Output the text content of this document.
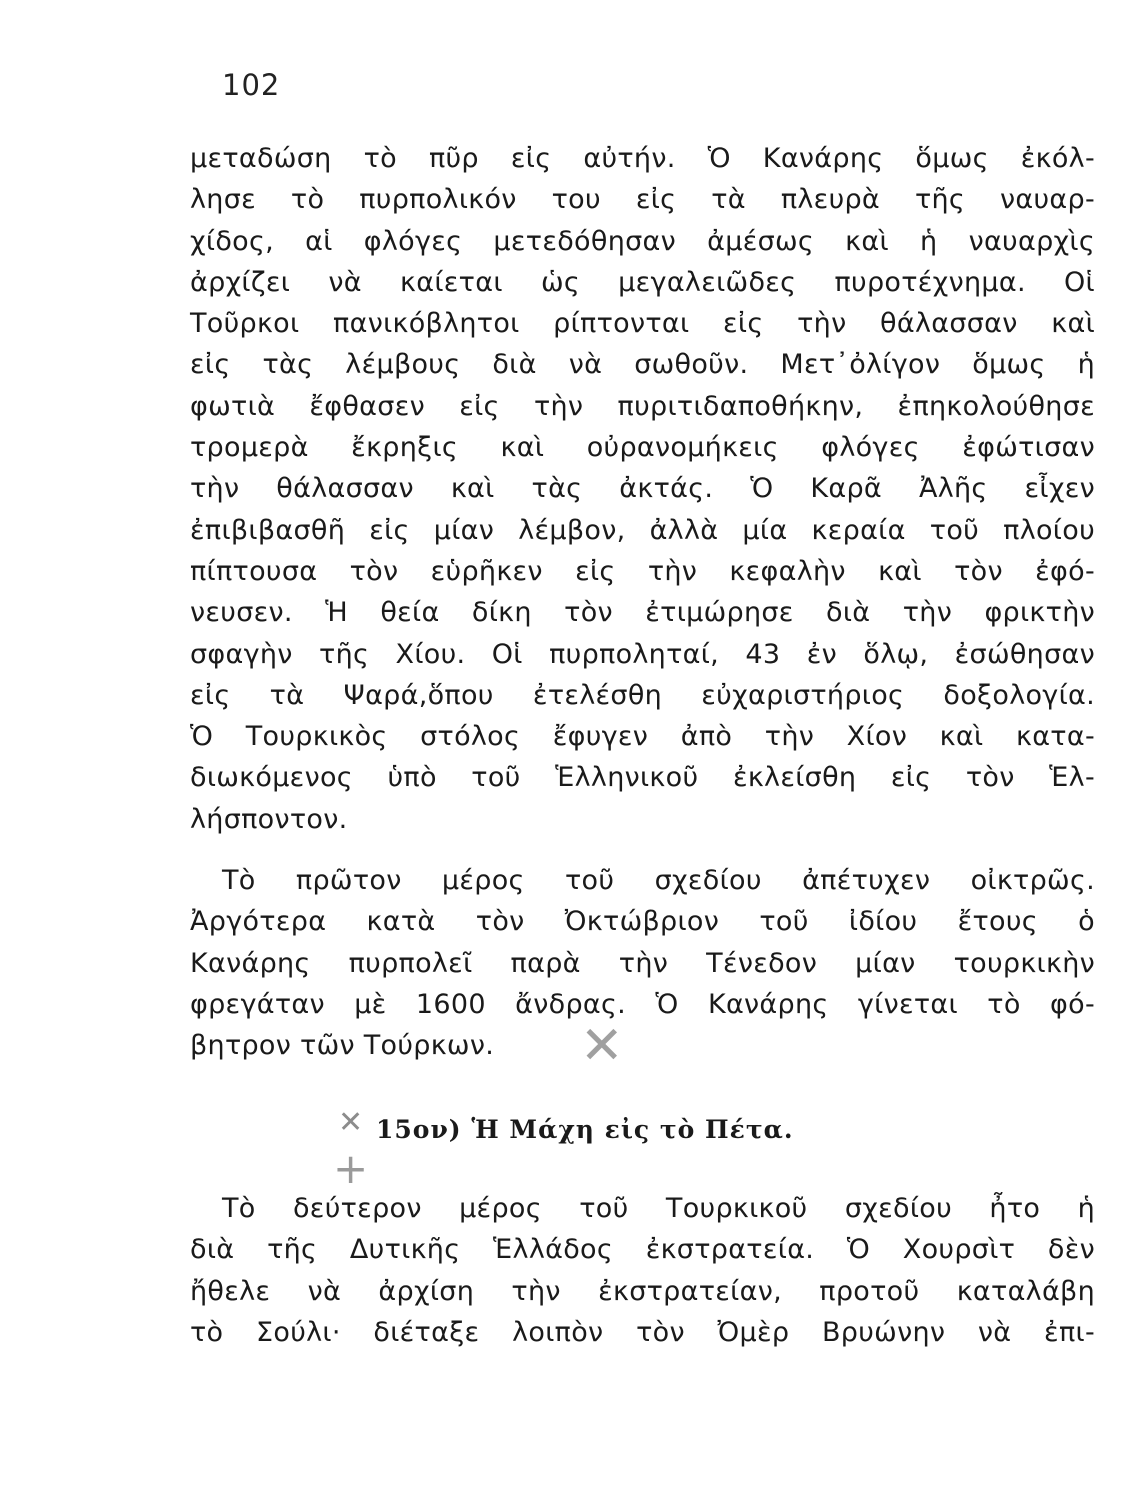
102
μεταδώση τὸ πῦρ εἰς αὐτήν. Ὁ Κανάρης ὅμως ἐκόλ-
λησε τὸ πυρπολικόν του εἰς τὰ πλευρὰ τῆς ναυαρ-
χίδος, αἱ φλόγες μετεδόθησαν ἀμέσως καὶ ἡ ναυαρχὶς
ἀρχίζει νὰ καίεται ὡς μεγαλειῶδες πυροτέχνημα. Οἱ
Τοῦρκοι πανικόβλητοι ρίπτονται εἰς τὴν θάλασσαν καὶ
εἰς τὰς λέμβους διὰ νὰ σωθοῦν. Μετ᾽ὀλίγον ὅμως ἡ
φωτιὰ ἔφθασεν εἰς τὴν πυριτιδαποθήκην, ἐπηκολούθησε
τρομερὰ ἔκρηξις καὶ οὐρανομήκεις φλόγες ἐφώτισαν
τὴν θάλασσαν καὶ τὰς ἀκτάς. Ὁ Καρᾶ Ἀλῆς εἶχεν
ἐπιβιβασθῆ εἰς μίαν λέμβον, ἀλλὰ μία κεραία τοῦ πλοίου
πίπτουσα τὸν εὑρῆκεν εἰς τὴν κεφαλὴν καὶ τὸν ἐφό-
νευσεν. Ἡ θεία δίκη τὸν ἐτιμώρησε διὰ τὴν φρικτὴν
σφαγὴν τῆς Χίου. Οἱ πυρποληταί, 43 ἐν ὅλῳ, ἐσώθησαν
εἰς τὰ Ψαρά,ὅπου ἐτελέσθη εὐχαριστήριος δοξολογία.
Ὁ Τουρκικὸς στόλος ἔφυγεν ἀπὸ τὴν Χίον καὶ κατα-
διωκόμενος ὑπὸ τοῦ Ἑλληνικοῦ ἐκλείσθη εἰς τὸν Ἑλ-
λήσποντον.
Τὸ πρῶτον μέρος τοῦ σχεδίου ἀπέτυχεν οἰκτρῶς.
Ἀργότερα κατὰ τὸν Ὀκτώβριον τοῦ ἰδίου ἔτους ὁ
Κανάρης πυρπολεῖ παρὰ τὴν Τένεδον μίαν τουρκικὴν
φρεγάταν μὲ 1600 ἄνδρας. Ὁ Κανάρης γίνεται τὸ φό-
βητρον τῶν Τούρκων.	✕
✕ 15ον) Ἡ Μάχη εἰς τὸ Πέτα.
+
Τὸ δεύτερον μέρος τοῦ Τουρκικοῦ σχεδίου ἦτο ἡ
διὰ τῆς Δυτικῆς Ἑλλάδος ἐκστρατεία. Ὁ Χουρσὶτ δὲν
ἤθελε νὰ ἀρχίση τὴν ἐκστρατείαν, προτοῦ καταλάβη
τὸ Σούλι· διέταξε λοιπὸν τὸν Ὀμὲρ Βρυώνην νὰ ἐπι-
